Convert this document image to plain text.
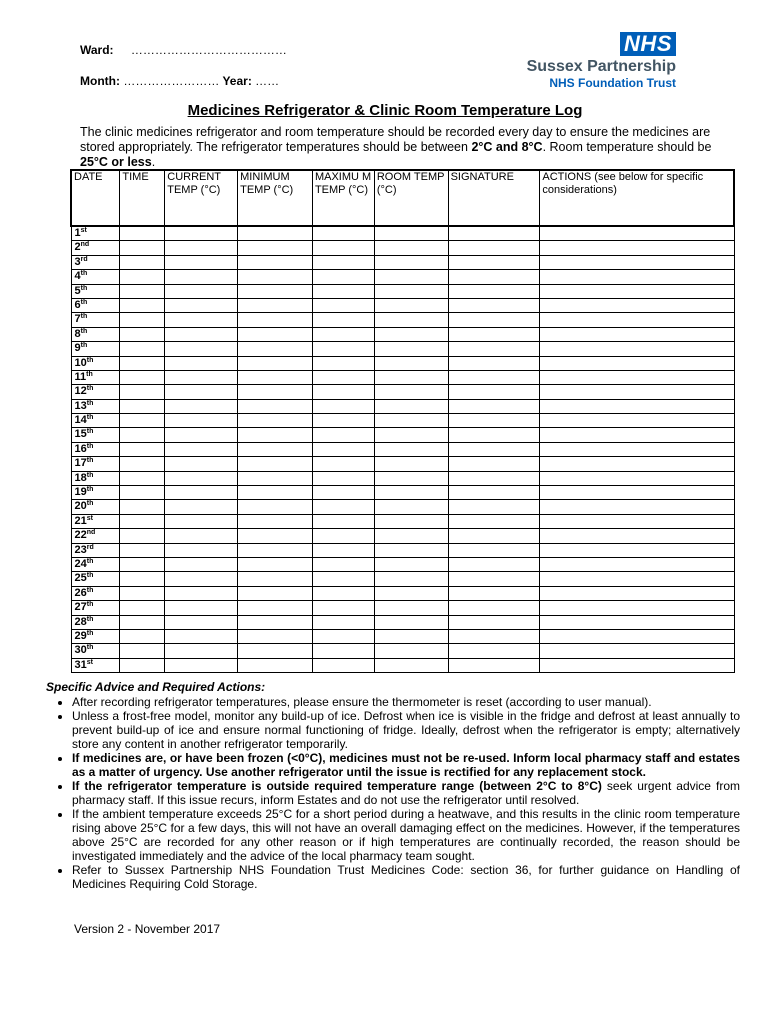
Ward: …………………………………
Month: …………………… Year: ……
NHS
Sussex Partnership
NHS Foundation Trust
Medicines Refrigerator & Clinic Room Temperature Log
The clinic medicines refrigerator and room temperature should be recorded every day to ensure the medicines are stored appropriately. The refrigerator temperatures should be between 2°C and 8°C. Room temperature should be 25°C or less.
DATE	TIME	CURRENT TEMP (°C)	MINIMUM TEMP (°C)	MAXIMU M TEMP (°C)	ROOM TEMP (°C)	SIGNATURE	ACTIONS (see below for specific considerations)
1st							
2nd							
3rd							
4th							
5th							
6th							
7th							
8th							
9th							
10th							
11th							
12th							
13th							
14th							
15th							
16th							
17th							
18th							
19th							
20th							
21st							
22nd							
23rd							
24th							
25th							
26th							
27th							
28th							
29th							
30th							
31st							
Specific Advice and Required Actions:
• After recording refrigerator temperatures, please ensure the thermometer is reset (according to user manual).
• Unless a frost-free model, monitor any build-up of ice. Defrost when ice is visible in the fridge and defrost at least annually to prevent build-up of ice and ensure normal functioning of fridge. Ideally, defrost when the refrigerator is empty; alternatively store any content in another refrigerator temporarily.
• If medicines are, or have been frozen (<0°C), medicines must not be re-used. Inform local pharmacy staff and estates as a matter of urgency. Use another refrigerator until the issue is rectified for any replacement stock.
• If the refrigerator temperature is outside required temperature range (between 2°C to 8°C) seek urgent advice from pharmacy staff. If this issue recurs, inform Estates and do not use the refrigerator until resolved.
• If the ambient temperature exceeds 25°C for a short period during a heatwave, and this results in the clinic room temperature rising above 25°C for a few days, this will not have an overall damaging effect on the medicines. However, if the temperatures above 25°C are recorded for any other reason or if high temperatures are continually recorded, the reason should be investigated immediately and the advice of the local pharmacy team sought.
• Refer to Sussex Partnership NHS Foundation Trust Medicines Code: section 36, for further guidance on Handling of Medicines Requiring Cold Storage.
Version 2 - November 2017
